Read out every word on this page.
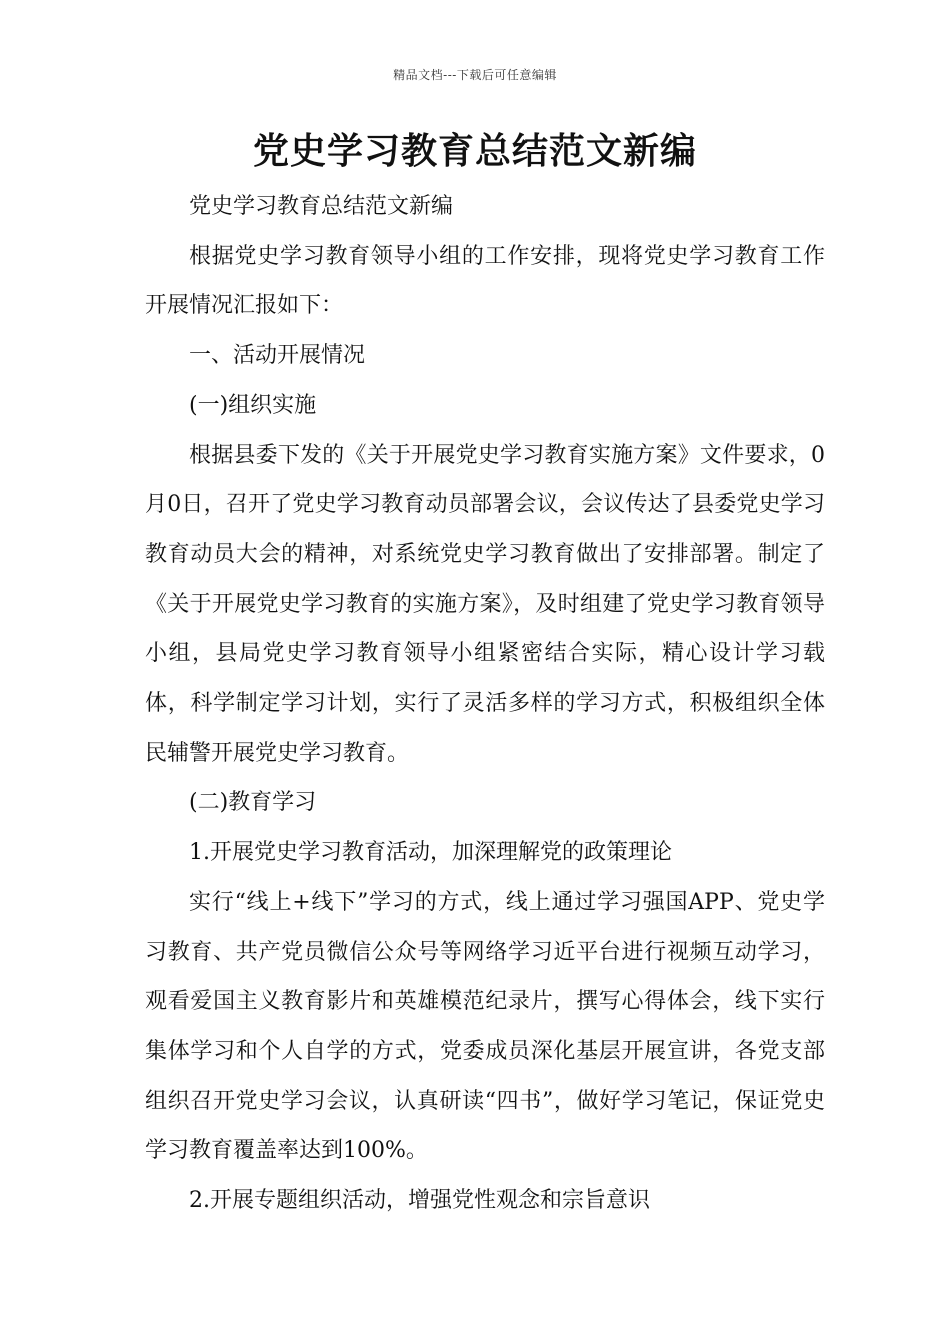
精品文档---下载后可任意编辑
党史学习教育总结范文新编

党史学习教育总结范文新编

根据党史学习教育领导小组的工作安排，现将党史学习教育工作开展情况汇报如下：

一、活动开展情况

(一)组织实施

根据县委下发的《关于开展党史学习教育实施方案》文件要求，0月0日，召开了党史学习教育动员部署会议，会议传达了县委党史学习教育动员大会的精神，对系统党史学习教育做出了安排部署。制定了《关于开展党史学习教育的实施方案》，及时组建了党史学习教育领导小组，县局党史学习教育领导小组紧密结合实际，精心设计学习载体，科学制定学习计划，实行了灵活多样的学习方式，积极组织全体民辅警开展党史学习教育。

(二)教育学习

1.开展党史学习教育活动，加深理解党的政策理论

实行“线上+线下”学习的方式，线上通过学习强国APP、党史学习教育、共产党员微信公众号等网络学习近平台进行视频互动学习，观看爱国主义教育影片和英雄模范纪录片，撰写心得体会，线下实行集体学习和个人自学的方式，党委成员深化基层开展宣讲，各党支部组织召开党史学习会议，认真研读“四书”，做好学习笔记，保证党史学习教育覆盖率达到100%。

2.开展专题组织活动，增强党性观念和宗旨意识
